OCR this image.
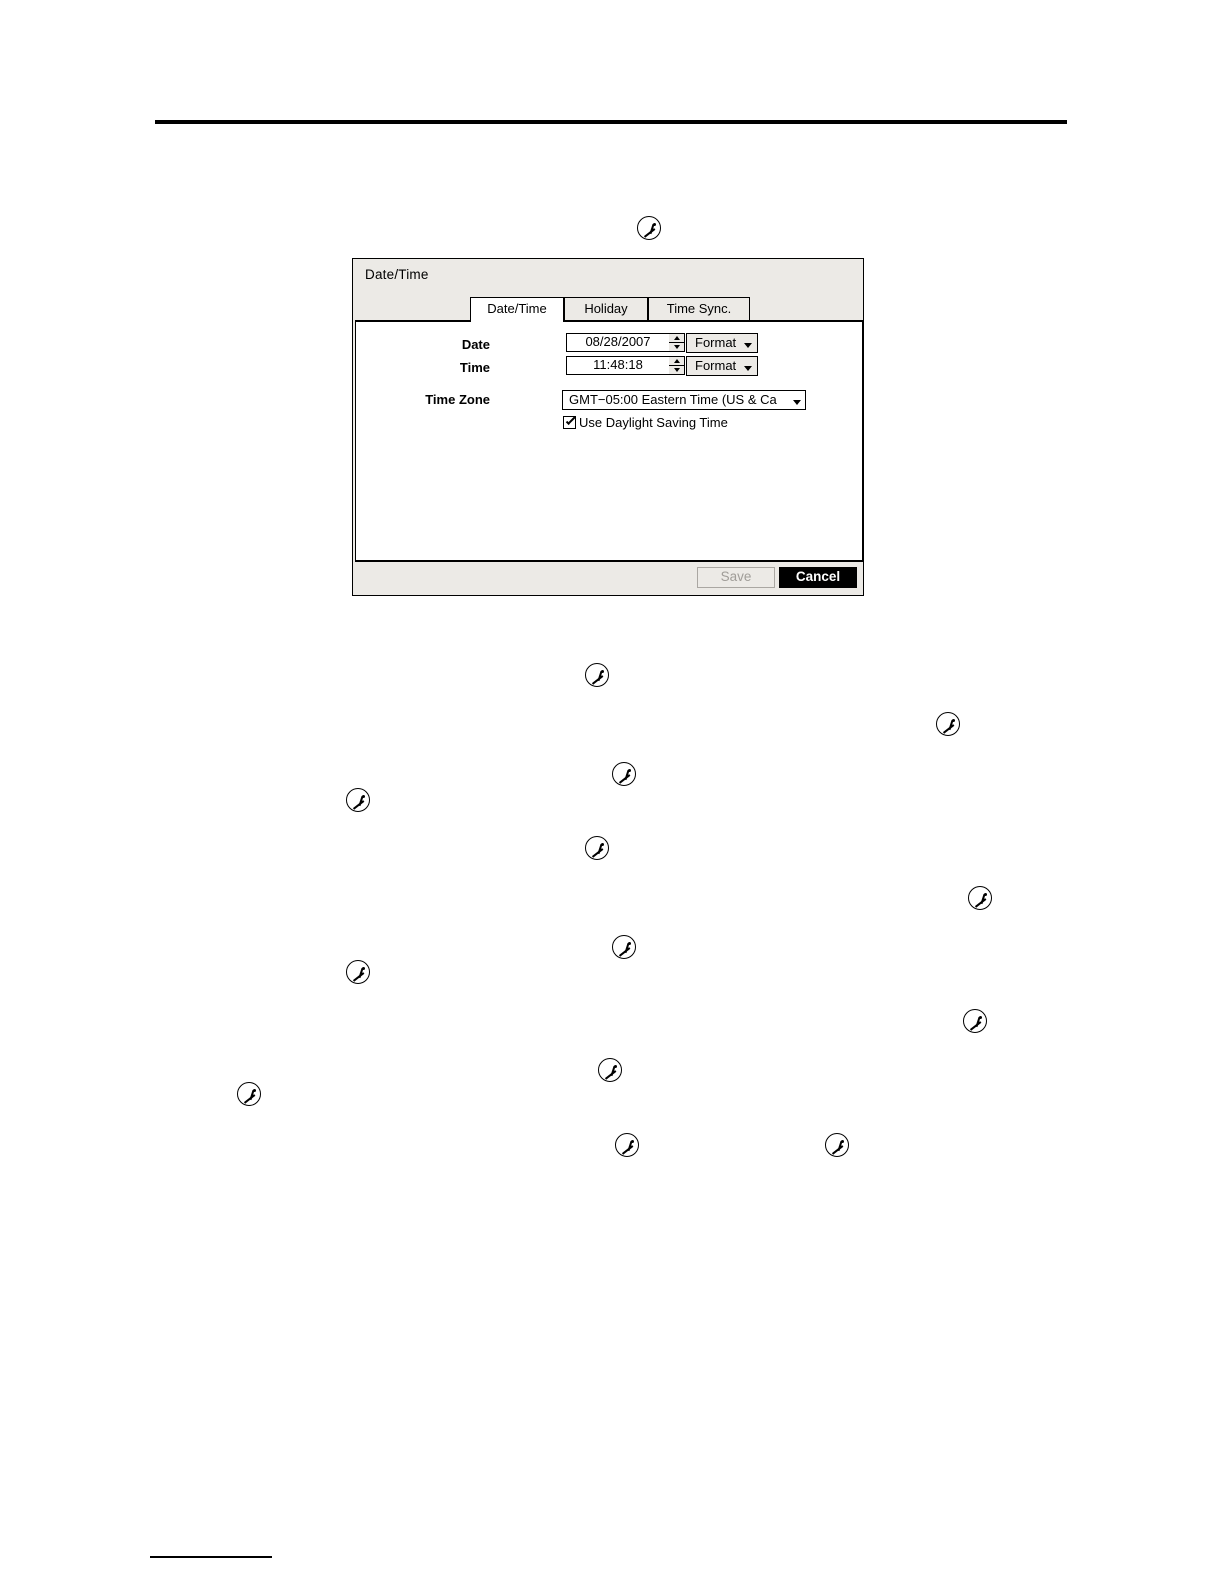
Date/Time
Date/Time	Holiday	Time Sync.
Date	08/28/2007	Format
Time	11:48:18	Format
Time Zone	GMT−05:00 Eastern Time (US & Ca
Use Daylight Saving Time
Save	Cancel
